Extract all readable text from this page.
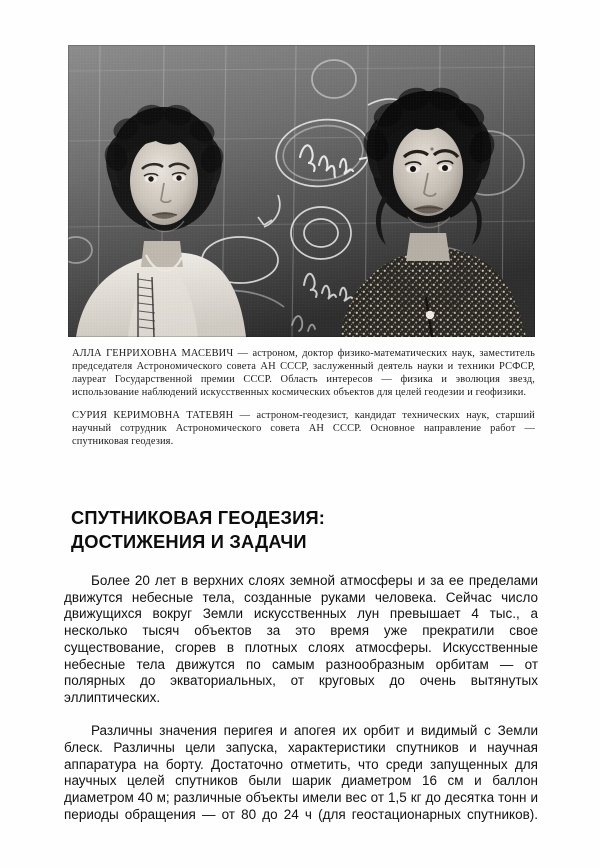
АЛЛА ГЕНРИХОВНА МАСЕВИЧ — астроном, доктор физико-математических наук, заместитель председателя Астрономического совета АН СССР, заслуженный деятель науки и техники РСФСР, лауреат Государственной премии СССР. Область интересов — физика и эволюция звезд, использование наблюдений искусственных космических объектов для целей геодезии и геофизики.

СУРИЯ КЕРИМОВНА ТАТЕВЯН — астроном-геодезист, кандидат технических наук, старший научный сотрудник Астрономического совета АН СССР. Основное направление работ — спутниковая геодезия.

СПУТНИКОВАЯ ГЕОДЕЗИЯ:
ДОСТИЖЕНИЯ И ЗАДАЧИ

Более 20 лет в верхних слоях земной атмосферы и за ее пределами движутся небесные тела, созданные руками человека. Сейчас число движущихся вокруг Земли искусственных лун превышает 4 тыс., а несколько тысяч объектов за это время уже прекратили свое существование, сгорев в плотных слоях атмосферы. Искусственные небесные тела движутся по самым разнообразным орбитам — от полярных до экваториальных, от круговых до очень вытянутых эллиптических.

Различны значения перигея и апогея их орбит и видимый с Земли блеск. Различны цели запуска, характеристики спутников и научная аппаратура на борту. Достаточно отметить, что среди запущенных для научных целей спутников были шарик диаметром 16 см и баллон диаметром 40 м; различные объекты имели вес от 1,5 кг до десятка тонн и периоды обращения — от 80 до 24 ч (для геостационарных спутников).
